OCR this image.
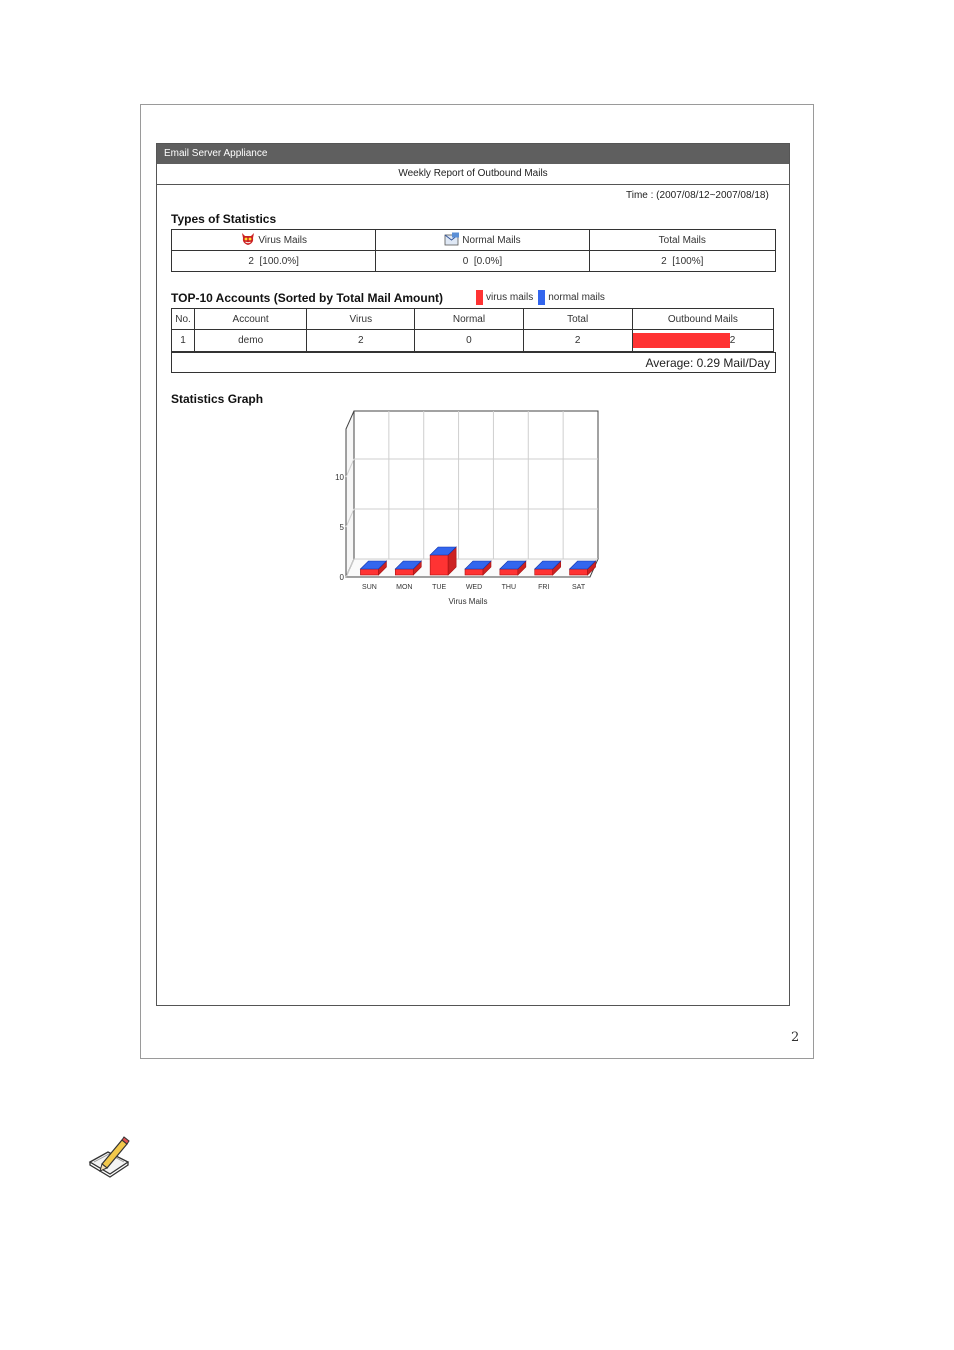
Email Server Appliance
Weekly Report of Outbound Mails
Time : (2007/08/12~2007/08/18)
Types of Statistics
Virus Mails	Normal Mails	Total Mails
2 [100.0%]	0 [0.0%]	2 [100%]
TOP-10 Accounts (Sorted by Total Mail Amount)	virus mails normal mails
No.	Account	Virus	Normal	Total	Outbound Mails
1	demo	2	0	2	2
Average: 0.29 Mail/Day
Statistics Graph
0
5
10
SUN	MON	TUE	WED	THU	FRI	SAT
Virus Mails
2
